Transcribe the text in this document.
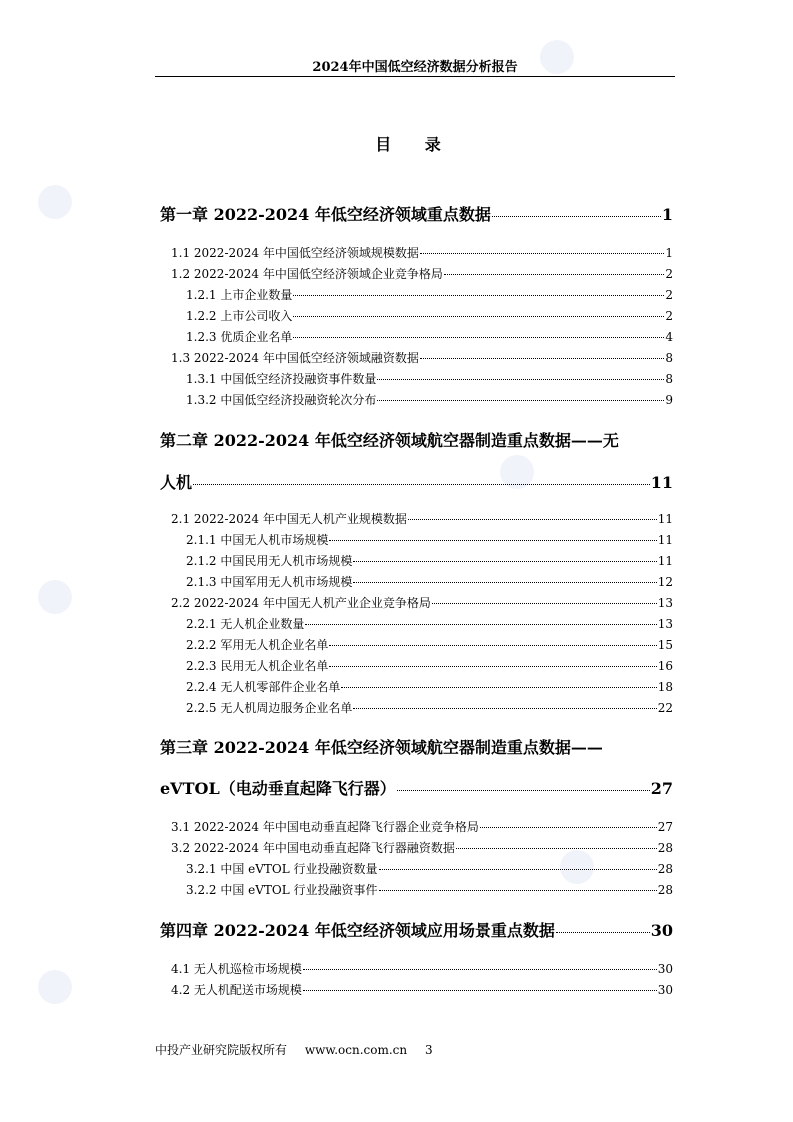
2024年中国低空经济数据分析报告
目 录
第一章 2022-2024 年低空经济领域重点数据	1
1.1 2022-2024 年中国低空经济领域规模数据	1
1.2 2022-2024 年中国低空经济领域企业竞争格局	2
1.2.1 上市企业数量	2
1.2.2 上市公司收入	2
1.2.3 优质企业名单	4
1.3 2022-2024 年中国低空经济领域融资数据	8
1.3.1 中国低空经济投融资事件数量	8
1.3.2 中国低空经济投融资轮次分布	9
第二章 2022-2024 年低空经济领域航空器制造重点数据——无
人机	11
2.1 2022-2024 年中国无人机产业规模数据	11
2.1.1 中国无人机市场规模	11
2.1.2 中国民用无人机市场规模	11
2.1.3 中国军用无人机市场规模	12
2.2 2022-2024 年中国无人机产业企业竞争格局	13
2.2.1 无人机企业数量	13
2.2.2 军用无人机企业名单	15
2.2.3 民用无人机企业名单	16
2.2.4 无人机零部件企业名单	18
2.2.5 无人机周边服务企业名单	22
第三章 2022-2024 年低空经济领域航空器制造重点数据——
eVTOL（电动垂直起降飞行器）	27
3.1 2022-2024 年中国电动垂直起降飞行器企业竞争格局	27
3.2 2022-2024 年中国电动垂直起降飞行器融资数据	28
3.2.1 中国 eVTOL 行业投融资数量	28
3.2.2 中国 eVTOL 行业投融资事件	28
第四章 2022-2024 年低空经济领域应用场景重点数据	30
4.1 无人机巡检市场规模	30
4.2 无人机配送市场规模	30
中投产业研究院版权所有 www.ocn.com.cn 3
